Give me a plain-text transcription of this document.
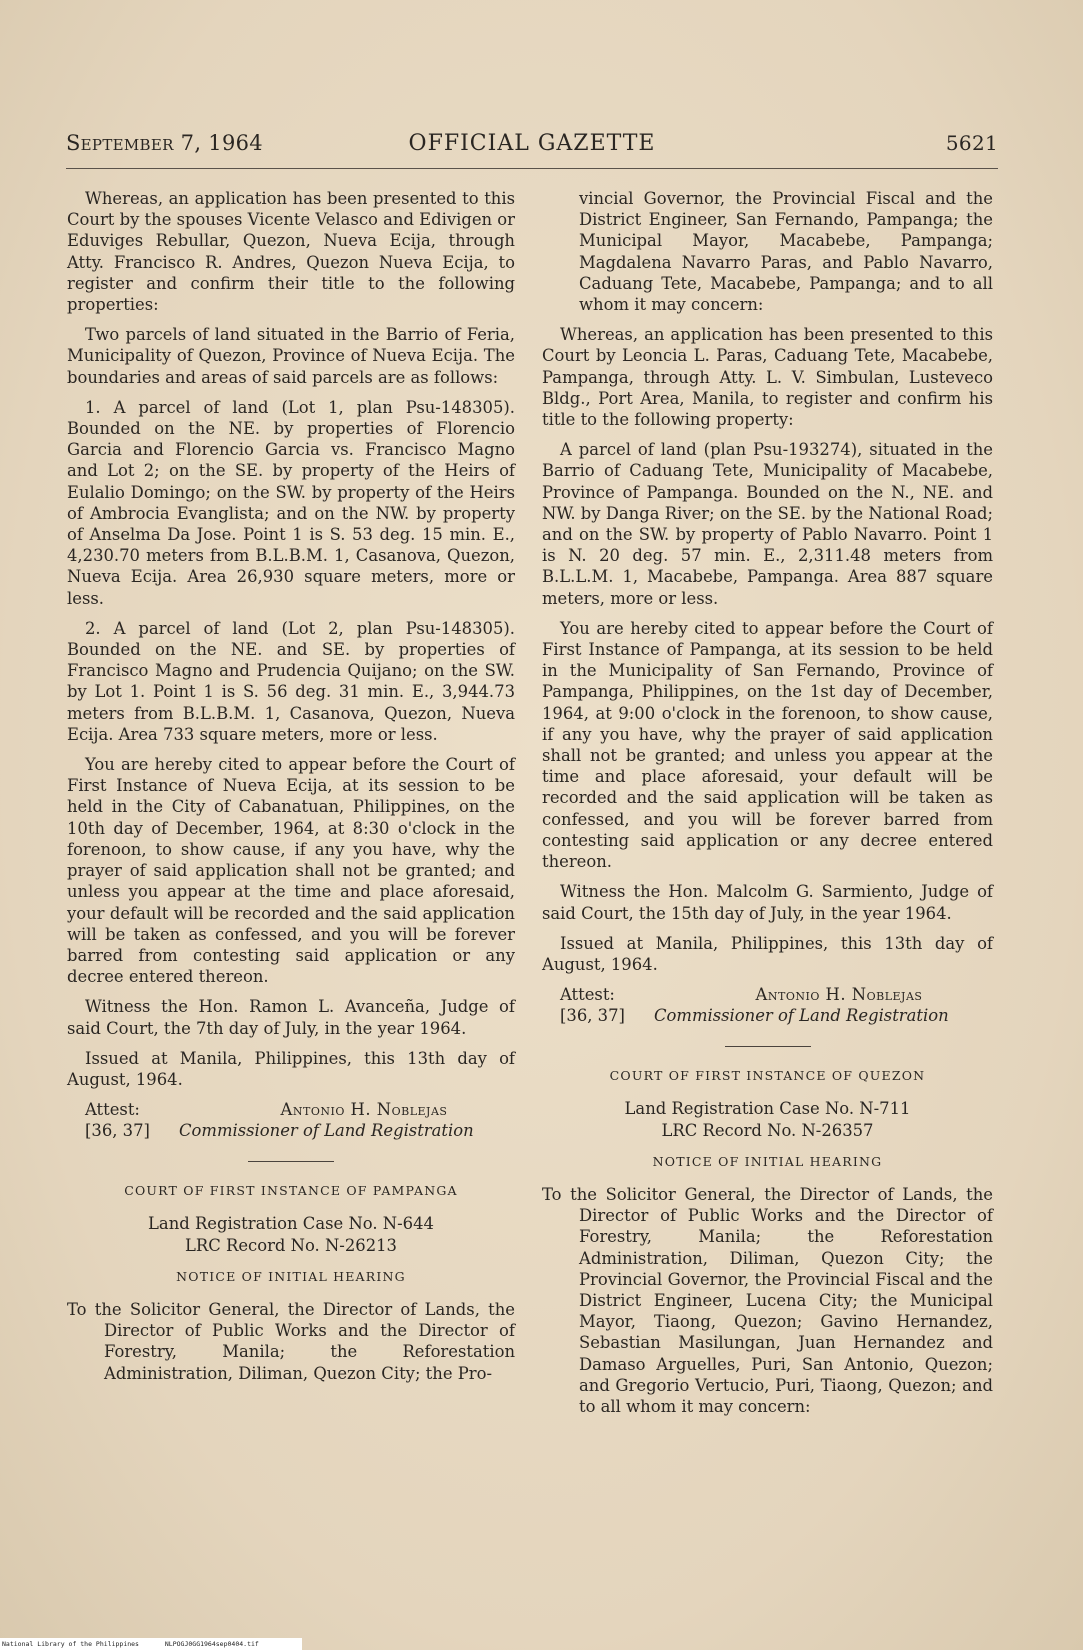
September 7, 1964	OFFICIAL GAZETTE	5621

Whereas, an application has been presented to this Court by the spouses Vicente Velasco and Edivigen or Eduviges Rebullar, Quezon, Nueva Ecija, through Atty. Francisco R. Andres, Quezon Nueva Ecija, to register and confirm their title to the following properties:

Two parcels of land situated in the Barrio of Feria, Municipality of Quezon, Province of Nueva Ecija. The boundaries and areas of said parcels are as follows:

1. A parcel of land (Lot 1, plan Psu-148305). Bounded on the NE. by properties of Florencio Garcia and Florencio Garcia vs. Francisco Magno and Lot 2; on the SE. by property of the Heirs of Eulalio Domingo; on the SW. by property of the Heirs of Ambrocia Evanglista; and on the NW. by property of Anselma Da Jose. Point 1 is S. 53 deg. 15 min. E., 4,230.70 meters from B.L.B.M. 1, Casanova, Quezon, Nueva Ecija. Area 26,930 square meters, more or less.

2. A parcel of land (Lot 2, plan Psu-148305). Bounded on the NE. and SE. by properties of Francisco Magno and Prudencia Quijano; on the SW. by Lot 1. Point 1 is S. 56 deg. 31 min. E., 3,944.73 meters from B.L.B.M. 1, Casanova, Quezon, Nueva Ecija. Area 733 square meters, more or less.

You are hereby cited to appear before the Court of First Instance of Nueva Ecija, at its session to be held in the City of Cabanatuan, Philippines, on the 10th day of December, 1964, at 8:30 o'clock in the forenoon, to show cause, if any you have, why the prayer of said application shall not be granted; and unless you appear at the time and place aforesaid, your default will be recorded and the said application will be taken as confessed, and you will be forever barred from contesting said application or any decree entered thereon.

Witness the Hon. Ramon L. Avanceña, Judge of said Court, the 7th day of July, in the year 1964.

Issued at Manila, Philippines, this 13th day of August, 1964.

Attest:
[36, 37]
Antonio H. Noblejas
Commissioner of Land Registration
COURT OF FIRST INSTANCE OF PAMPANGA
Land Registration Case No. N-644
LRC Record No. N-26213
NOTICE OF INITIAL HEARING
To the Solicitor General, the Director of Lands, the Director of Public Works and the Director of Forestry, Manila; the Reforestation Administration, Diliman, Quezon City; the Pro-
vincial Governor, the Provincial Fiscal and the District Engineer, San Fernando, Pampanga; the Municipal Mayor, Macabebe, Pampanga; Magdalena Navarro Paras, and Pablo Navarro, Caduang Tete, Macabebe, Pampanga; and to all whom it may concern:

Whereas, an application has been presented to this Court by Leoncia L. Paras, Caduang Tete, Macabebe, Pampanga, through Atty. L. V. Simbulan, Lusteveco Bldg., Port Area, Manila, to register and confirm his title to the following property:

A parcel of land (plan Psu-193274), situated in the Barrio of Caduang Tete, Municipality of Macabebe, Province of Pampanga. Bounded on the N., NE. and NW. by Danga River; on the SE. by the National Road; and on the SW. by property of Pablo Navarro. Point 1 is N. 20 deg. 57 min. E., 2,311.48 meters from B.L.L.M. 1, Macabebe, Pampanga. Area 887 square meters, more or less.

You are hereby cited to appear before the Court of First Instance of Pampanga, at its session to be held in the Municipality of San Fernando, Province of Pampanga, Philippines, on the 1st day of December, 1964, at 9:00 o'clock in the forenoon, to show cause, if any you have, why the prayer of said application shall not be granted; and unless you appear at the time and place aforesaid, your default will be recorded and the said application will be taken as confessed, and you will be forever barred from contesting said application or any decree entered thereon.

Witness the Hon. Malcolm G. Sarmiento, Judge of said Court, the 15th day of July, in the year 1964.

Issued at Manila, Philippines, this 13th day of August, 1964.

Attest:
[36, 37]
Antonio H. Noblejas
Commissioner of Land Registration
COURT OF FIRST INSTANCE OF QUEZON
Land Registration Case No. N-711
LRC Record No. N-26357
NOTICE OF INITIAL HEARING
To the Solicitor General, the Director of Lands, the Director of Public Works and the Director of Forestry, Manila; the Reforestation Administration, Diliman, Quezon City; the Provincial Governor, the Provincial Fiscal and the District Engineer, Lucena City; the Municipal Mayor, Tiaong, Quezon; Gavino Hernandez, Sebastian Masilungan, Juan Hernandez and Damaso Arguelles, Puri, San Antonio, Quezon; and Gregorio Vertucio, Puri, Tiaong, Quezon; and to all whom it may concern:
National Library of the Philippines	NLPOGJ0GG1964sep0404.tif
